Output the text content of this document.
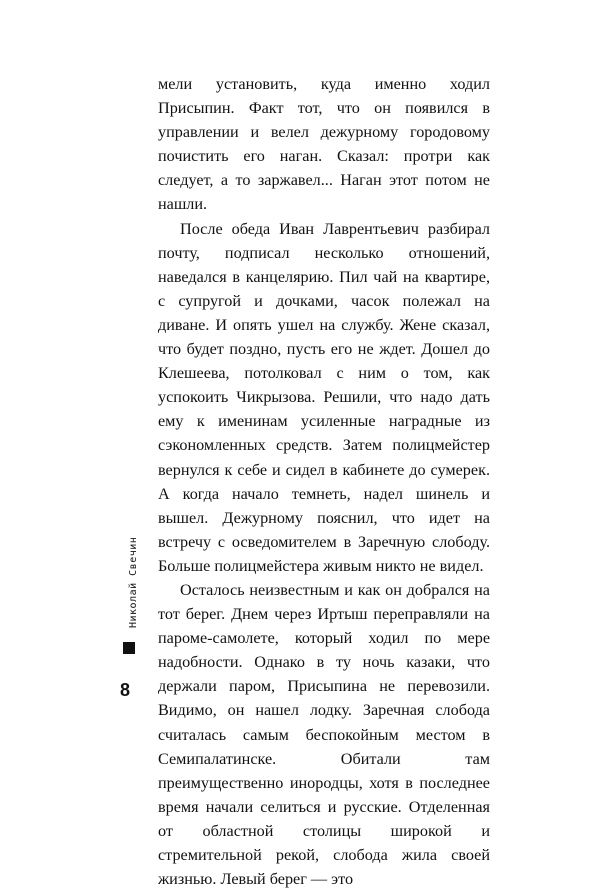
мели установить, куда именно ходил Присыпин. Факт тот, что он появился в управлении и велел дежурному городовому почистить его наган. Сказал: протри как следует, а то заржавел... Наган этот потом не нашли.

После обеда Иван Лаврентьевич разбирал почту, подписал несколько отношений, наведался в канцелярию. Пил чай на квартире, с супругой и дочками, часок полежал на диване. И опять ушел на службу. Жене сказал, что будет поздно, пусть его не ждет. Дошел до Клешеева, потолковал с ним о том, как успокоить Чикрызова. Решили, что надо дать ему к именинам усиленные наградные из сэкономленных средств. Затем полицмейстер вернулся к себе и сидел в кабинете до сумерек. А когда начало темнеть, надел шинель и вышел. Дежурному пояснил, что идет на встречу с осведомителем в Заречную слободу. Больше полицмейстера живым никто не видел.

Осталось неизвестным и как он добрался на тот берег. Днем через Иртыш переправляли на пароме-самолете, который ходил по мере надобности. Однако в ту ночь казаки, что держали паром, Присыпина не перевозили. Видимо, он нашел лодку. Заречная слобода считалась самым беспокойным местом в Семипалатинске. Обитали там преимущественно инородцы, хотя в последнее время начали селиться и русские. Отделенная от областной столицы широкой и стремительной рекой, слобода жила своей жизнью. Левый берег — это

Николай Свечин
8
